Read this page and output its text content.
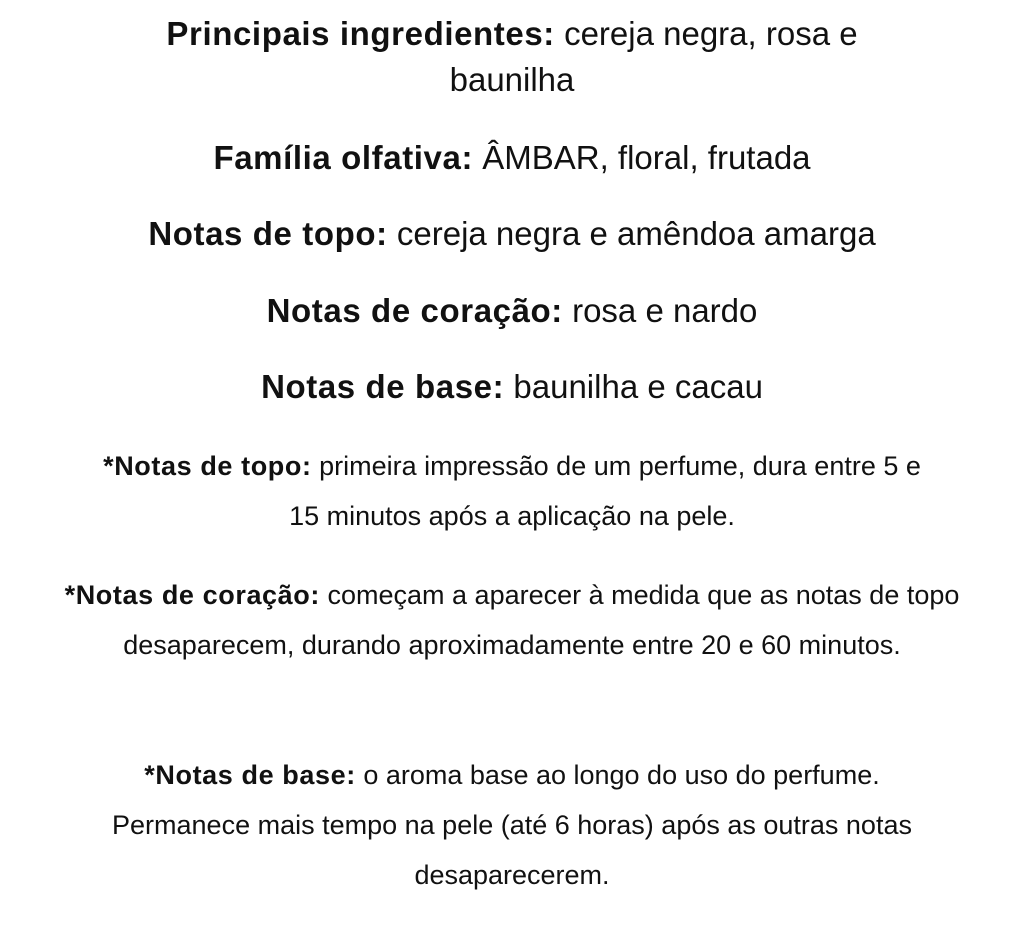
Principais ingredientes: cereja negra, rosa e baunilha

Família olfativa: ÂMBAR, floral, frutada

Notas de topo: cereja negra e amêndoa amarga

Notas de coração: rosa e nardo

Notas de base: baunilha e cacau

*Notas de topo: primeira impressão de um perfume, dura entre 5 e 15 minutos após a aplicação na pele.

*Notas de coração: começam a aparecer à medida que as notas de topo desaparecem, durando aproximadamente entre 20 e 60 minutos.

*Notas de base: o aroma base ao longo do uso do perfume. Permanece mais tempo na pele (até 6 horas) após as outras notas desaparecerem.
